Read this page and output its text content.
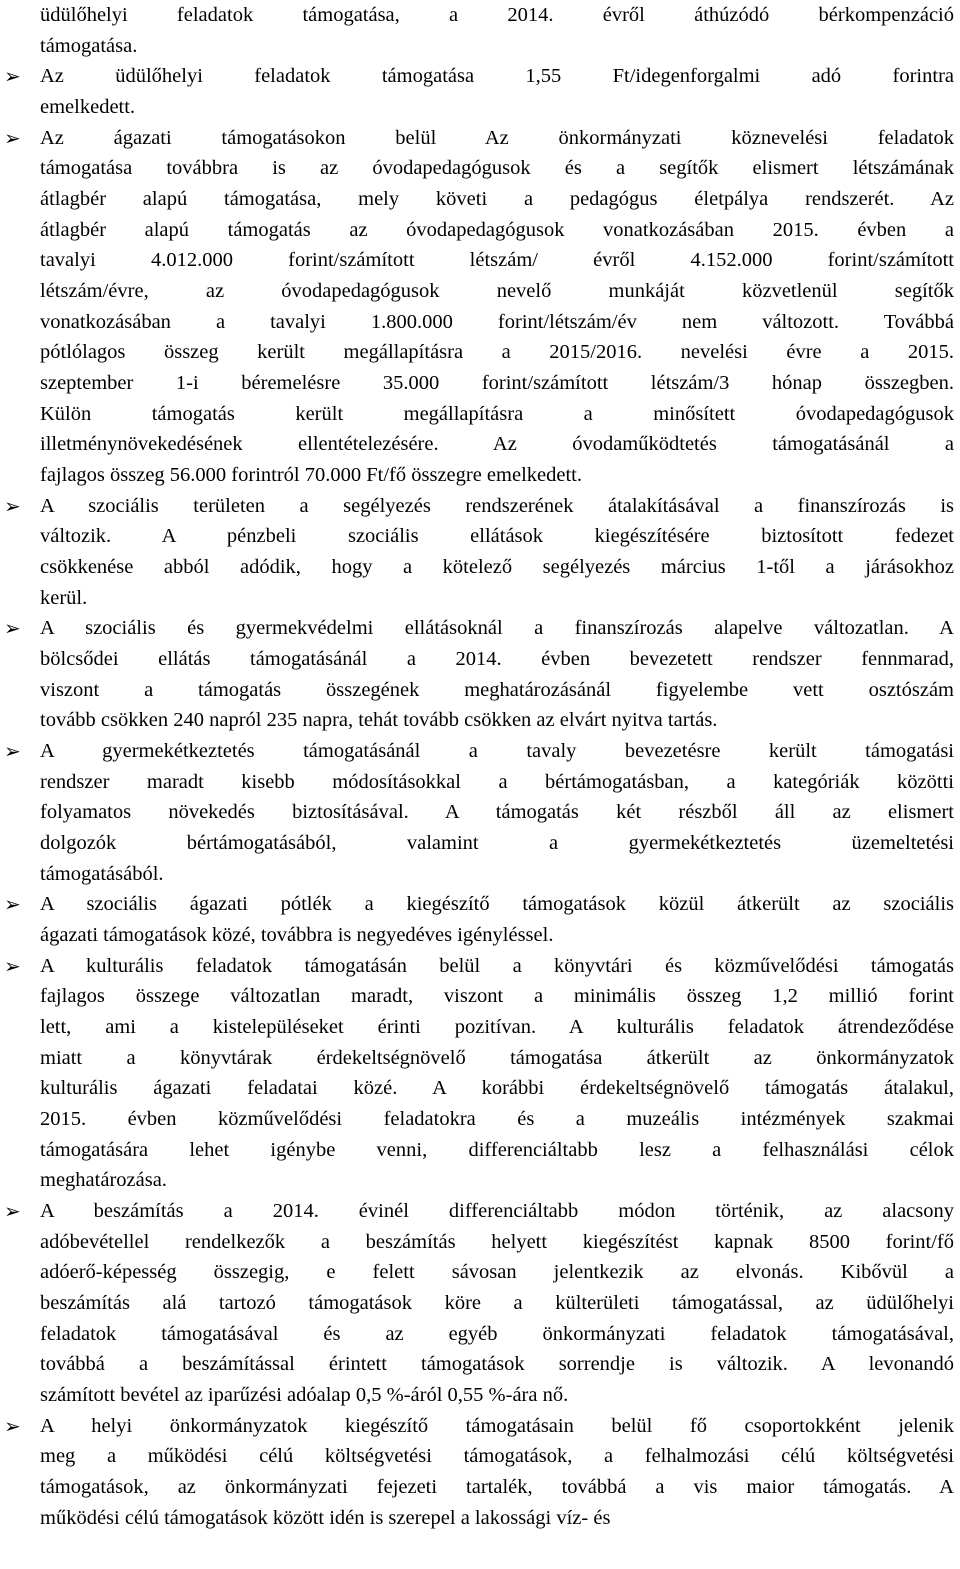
üdülőhelyi feladatok támogatása, a 2014. évről áthúzódó bérkompenzáció
támogatása.
➢ Az üdülőhelyi feladatok támogatása 1,55 Ft/idegenforgalmi adó forintra
emelkedett.
➢ Az ágazati támogatásokon belül Az önkormányzati köznevelési feladatok
támogatása továbbra is az óvodapedagógusok és a segítők elismert létszámának
átlagbér alapú támogatása, mely követi a pedagógus életpálya rendszerét. Az
átlagbér alapú támogatás az óvodapedagógusok vonatkozásában 2015. évben a
tavalyi 4.012.000 forint/számított létszám/ évről 4.152.000 forint/számított
létszám/évre, az óvodapedagógusok nevelő munkáját közvetlenül segítők
vonatkozásában a tavalyi 1.800.000 forint/létszám/év nem változott. Továbbá
pótlólagos összeg került megállapításra a 2015/2016. nevelési évre a 2015.
szeptember 1-i béremelésre 35.000 forint/számított létszám/3 hónap összegben.
Külön támogatás került megállapításra a minősített óvodapedagógusok
illetménynövekedésének ellentételezésére. Az óvodaműködtetés támogatásánál a
fajlagos összeg 56.000 forintról 70.000 Ft/fő összegre emelkedett.
➢ A szociális területen a segélyezés rendszerének átalakításával a finanszírozás is
változik. A pénzbeli szociális ellátások kiegészítésére biztosított fedezet
csökkenése abból adódik, hogy a kötelező segélyezés március 1-től a járásokhoz
kerül.
➢ A szociális és gyermekvédelmi ellátásoknál a finanszírozás alapelve változatlan. A
bölcsődei ellátás támogatásánál a 2014. évben bevezetett rendszer fennmarad,
viszont a támogatás összegének meghatározásánál figyelembe vett osztószám
tovább csökken 240 napról 235 napra, tehát tovább csökken az elvárt nyitva tartás.
➢ A gyermekétkeztetés támogatásánál a tavaly bevezetésre került támogatási
rendszer maradt kisebb módosításokkal a bértámogatásban, a kategóriák közötti
folyamatos növekedés biztosításával. A támogatás két részből áll az elismert
dolgozók bértámogatásából, valamint a gyermekétkeztetés üzemeltetési
támogatásából.
➢ A szociális ágazati pótlék a kiegészítő támogatások közül átkerült az szociális
ágazati támogatások közé, továbbra is negyedéves igényléssel.
➢ A kulturális feladatok támogatásán belül a könyvtári és közművelődési támogatás
fajlagos összege változatlan maradt, viszont a minimális összeg 1,2 millió forint
lett, ami a kistelepüléseket érinti pozitívan. A kulturális feladatok átrendeződése
miatt a könyvtárak érdekeltségnövelő támogatása átkerült az önkormányzatok
kulturális ágazati feladatai közé. A korábbi érdekeltségnövelő támogatás átalakul,
2015. évben közművelődési feladatokra és a muzeális intézmények szakmai
támogatására lehet igénybe venni, differenciáltabb lesz a felhasználási célok
meghatározása.
➢ A beszámítás a 2014. évinél differenciáltabb módon történik, az alacsony
adóbevétellel rendelkezők a beszámítás helyett kiegészítést kapnak 8500 forint/fő
adóerő-képesség összegig, e felett sávosan jelentkezik az elvonás. Kibővül a
beszámítás alá tartozó támogatások köre a külterületi támogatással, az üdülőhelyi
feladatok támogatásával és az egyéb önkormányzati feladatok támogatásával,
továbbá a beszámítással érintett támogatások sorrendje is változik. A levonandó
számított bevétel az iparűzési adóalap 0,5 %-áról 0,55 %-ára nő.
➢ A helyi önkormányzatok kiegészítő támogatásain belül fő csoportokként jelenik
meg a működési célú költségvetési támogatások, a felhalmozási célú költségvetési
támogatások, az önkormányzati fejezeti tartalék, továbbá a vis maior támogatás. A
működési célú támogatások között idén is szerepel a lakossági víz- és
